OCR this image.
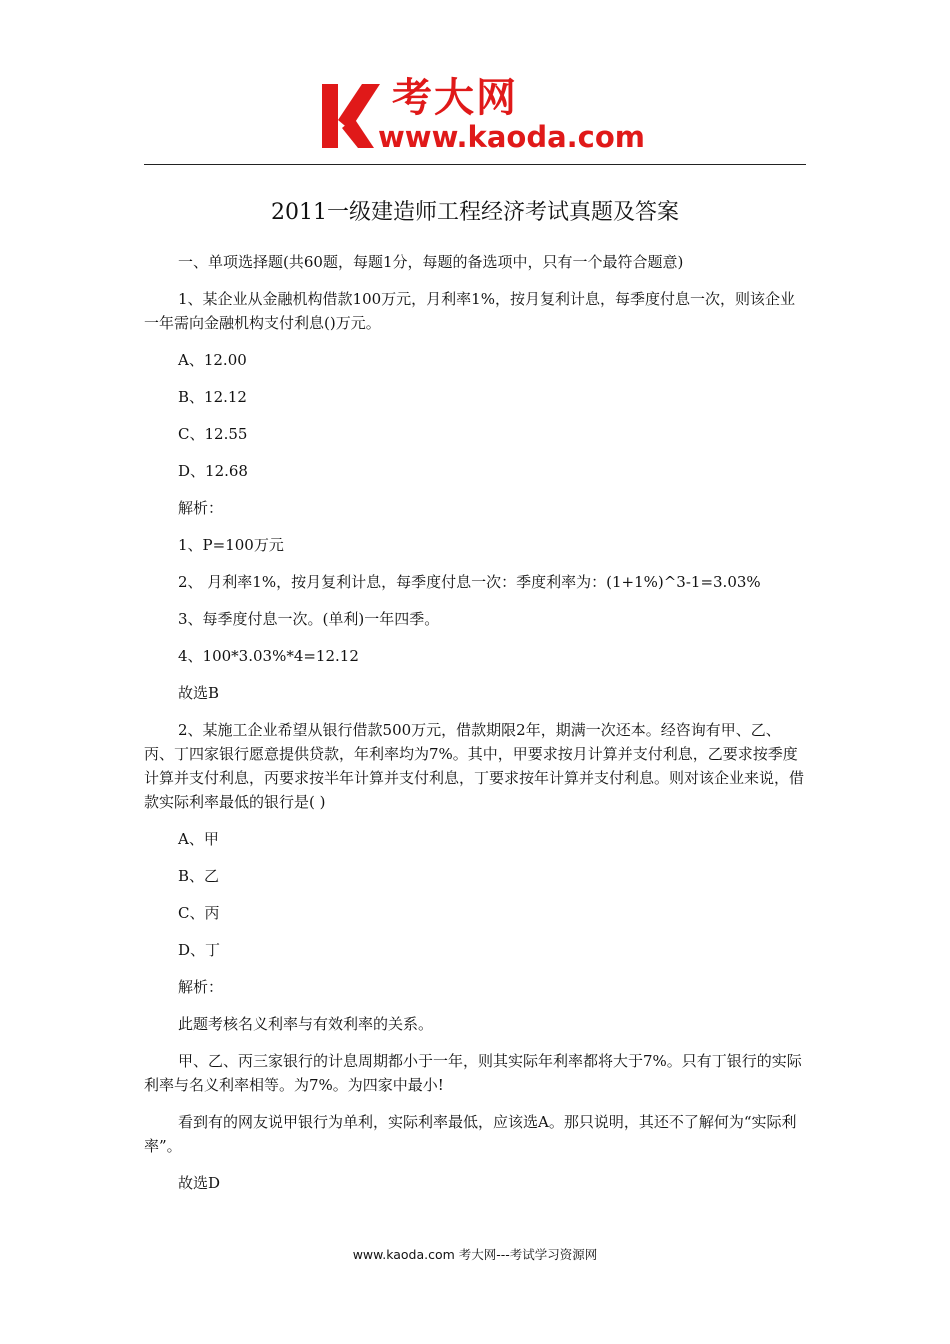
考大网
www.kaoda.com
2011一级建造师工程经济考试真题及答案

一、单项选择题(共60题，每题1分，每题的备选项中，只有一个最符合题意)

1、某企业从金融机构借款100万元，月利率1%，按月复利计息，每季度付息一次，则该企业一年需向金融机构支付利息()万元。

A、12.00

B、12.12

C、12.55

D、12.68

解析：

1、P=100万元

2、 月利率1%，按月复利计息，每季度付息一次：季度利率为：(1+1%)^3-1=3.03%

3、每季度付息一次。(单利)一年四季。

4、100*3.03%*4=12.12

故选B

2、某施工企业希望从银行借款500万元，借款期限2年，期满一次还本。经咨询有甲、乙、丙、丁四家银行愿意提供贷款，年利率均为7%。其中，甲要求按月计算并支付利息，乙要求按季度计算并支付利息，丙要求按半年计算并支付利息，丁要求按年计算并支付利息。则对该企业来说，借款实际利率最低的银行是( )

A、甲

B、乙

C、丙

D、丁

解析：

此题考核名义利率与有效利率的关系。

甲、乙、丙三家银行的计息周期都小于一年，则其实际年利率都将大于7%。只有丁银行的实际利率与名义利率相等。为7%。为四家中最小!

看到有的网友说甲银行为单利，实际利率最低，应该选A。那只说明，其还不了解何为“实际利率”。

故选D

www.kaoda.com 考大网---考试学习资源网
